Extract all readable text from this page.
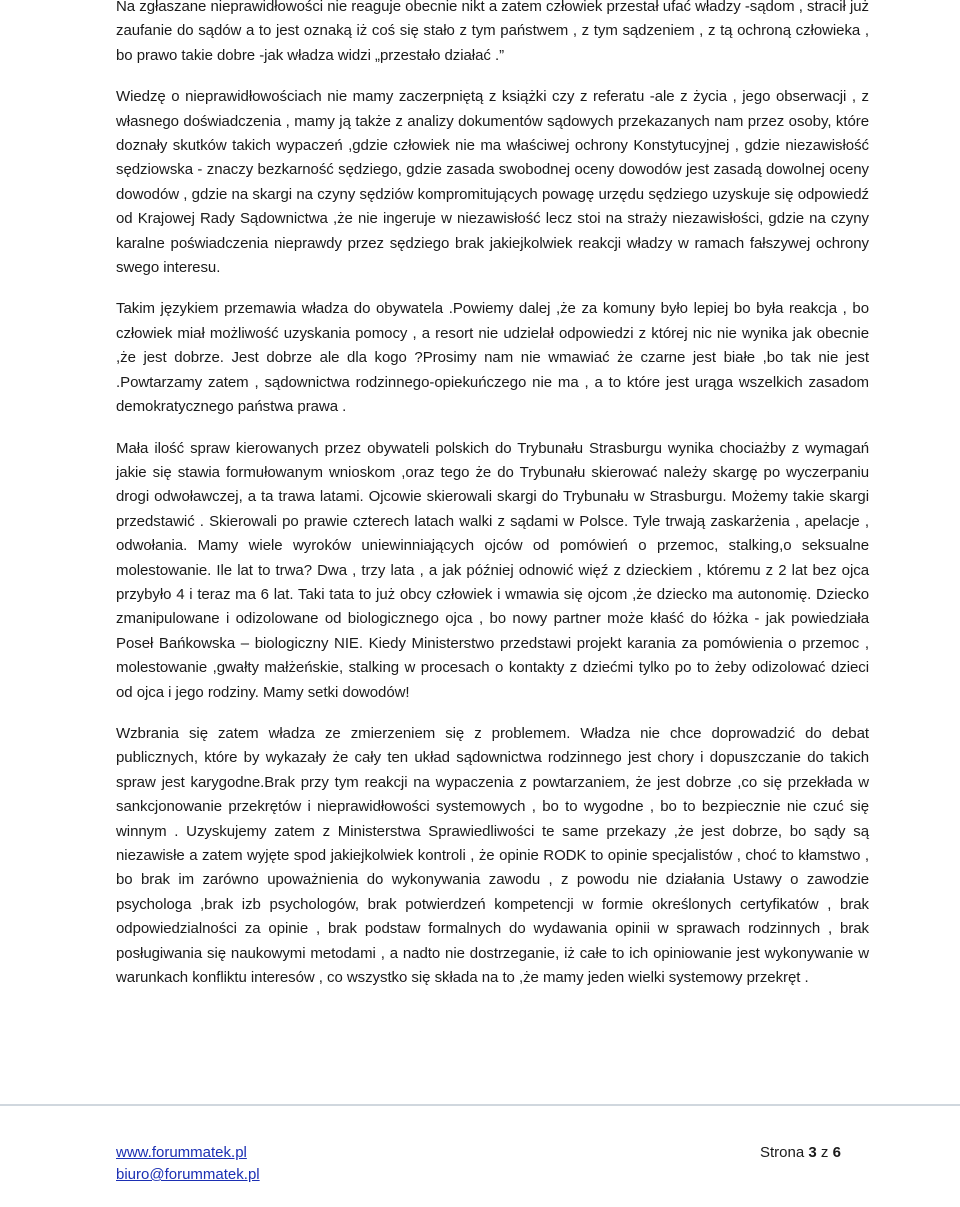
Na zgłaszane nieprawidłowości nie reaguje obecnie nikt a zatem człowiek przestał ufać władzy -sądom , stracił już zaufanie do sądów a to jest oznaką iż coś się stało z tym państwem , z tym sądzeniem , z tą ochroną człowieka , bo prawo takie dobre -jak władza widzi „przestało działać .”

Wiedzę o nieprawidłowościach nie mamy zaczerpniętą z książki czy z referatu -ale z życia , jego obserwacji , z własnego doświadczenia , mamy ją także z analizy dokumentów sądowych przekazanych nam przez osoby, które doznały skutków takich wypaczeń ,gdzie człowiek nie ma właściwej ochrony Konstytucyjnej , gdzie niezawisłość sędziowska - znaczy bezkarność sędziego, gdzie zasada swobodnej oceny dowodów jest zasadą dowolnej oceny dowodów , gdzie na skargi na czyny sędziów kompromitujących powagę urzędu sędziego uzyskuje się odpowiedź od Krajowej Rady Sądownictwa ,że nie ingeruje w niezawisłość lecz stoi na straży niezawisłości, gdzie na czyny karalne poświadczenia nieprawdy przez sędziego brak jakiejkolwiek reakcji władzy w ramach fałszywej ochrony swego interesu.

Takim językiem przemawia władza do obywatela .Powiemy dalej ,że za komuny było lepiej bo była reakcja , bo człowiek miał możliwość uzyskania pomocy , a resort nie udzielał odpowiedzi z której nic nie wynika jak obecnie ,że jest dobrze. Jest dobrze ale dla kogo ?Prosimy nam nie wmawiać że czarne jest białe ,bo tak nie jest .Powtarzamy zatem , sądownictwa rodzinnego-opiekuńczego nie ma , a to które jest urąga wszelkich zasadom demokratycznego państwa prawa .

Mała ilość spraw kierowanych przez obywateli polskich do Trybunału Strasburgu wynika chociażby z wymagań jakie się stawia formułowanym wnioskom ,oraz tego że do Trybunału skierować należy skargę po wyczerpaniu drogi odwoławczej, a ta trawa latami. Ojcowie skierowali skargi do Trybunału w Strasburgu. Możemy takie skargi przedstawić . Skierowali po prawie czterech latach walki z sądami w Polsce. Tyle trwają zaskarżenia , apelacje , odwołania. Mamy wiele wyroków uniewinniających ojców od pomówień o przemoc, stalking,o seksualne molestowanie. Ile lat to trwa? Dwa , trzy lata , a jak później odnowić więź z dzieckiem , któremu z 2 lat bez ojca przybyło 4 i teraz ma 6 lat. Taki tata to już obcy człowiek i wmawia się ojcom ,że dziecko ma autonomię. Dziecko zmanipulowane i odizolowane od biologicznego ojca , bo nowy partner może kłaść do łóżka - jak powiedziała Poseł Bańkowska – biologiczny NIE. Kiedy Ministerstwo przedstawi projekt karania za pomówienia o przemoc , molestowanie ,gwałty małżeńskie, stalking w procesach o kontakty z dziećmi tylko po to żeby odizolować dzieci od ojca i jego rodziny. Mamy setki dowodów!

Wzbrania się zatem władza ze zmierzeniem się z problemem. Władza nie chce doprowadzić do debat publicznych, które by wykazały że cały ten układ sądownictwa rodzinnego jest chory i dopuszczanie do takich spraw jest karygodne.Brak przy tym reakcji na wypaczenia z powtarzaniem, że jest dobrze ,co się przekłada w sankcjonowanie przekrętów i nieprawidłowości systemowych , bo to wygodne , bo to bezpiecznie nie czuć się winnym . Uzyskujemy zatem z Ministerstwa Sprawiedliwości te same przekazy ,że jest dobrze, bo sądy są niezawisłe a zatem wyjęte spod jakiejkolwiek kontroli , że opinie RODK to opinie specjalistów , choć to kłamstwo , bo brak im zarówno upoważnienia do wykonywania zawodu , z powodu nie działania Ustawy o zawodzie psychologa ,brak izb psychologów, brak potwierdzeń kompetencji w formie określonych certyfikatów , brak odpowiedzialności za opinie , brak podstaw formalnych do wydawania opinii w sprawach rodzinnych , brak posługiwania się naukowymi metodami , a nadto nie dostrzeganie, iż całe to ich opiniowanie jest wykonywanie w warunkach konfliktu interesów , co wszystko się składa na to ,że mamy jeden wielki systemowy przekręt .

www.forummatek.pl
biuro@forummatek.pl
Strona 3 z 6
